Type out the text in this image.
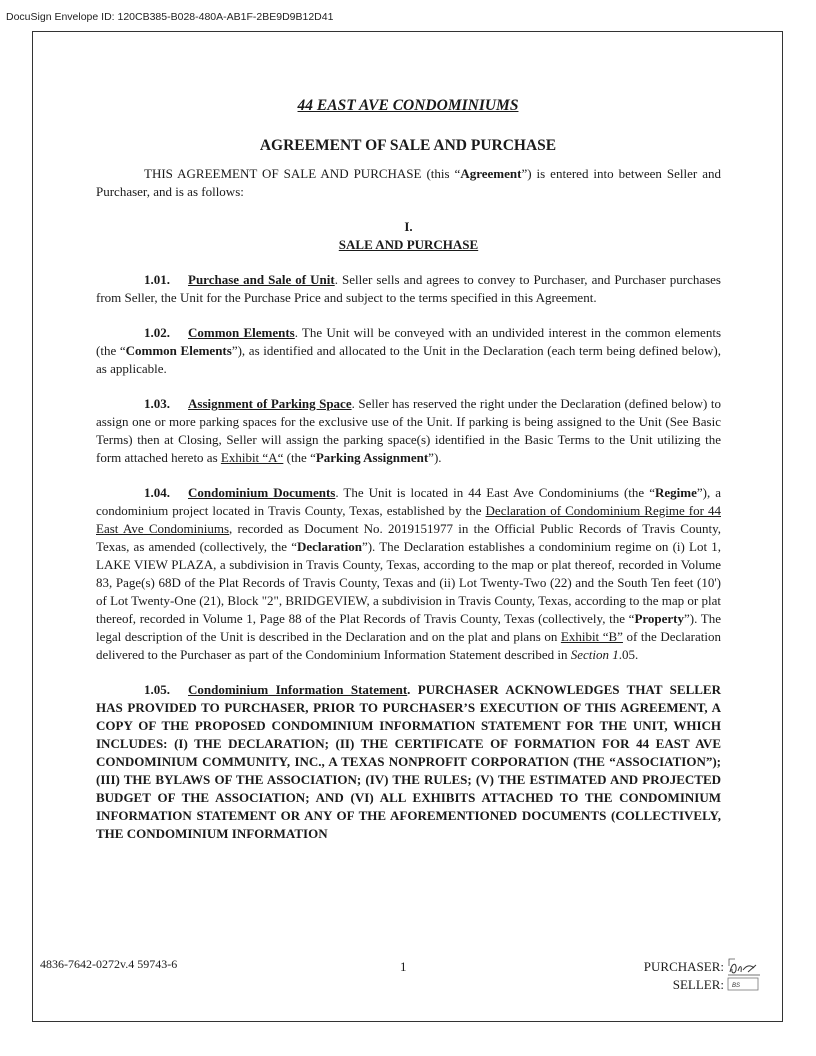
DocuSign Envelope ID: 120CB385-B028-480A-AB1F-2BE9D9B12D41
44 EAST AVE CONDOMINIUMS
AGREEMENT OF SALE AND PURCHASE

THIS AGREEMENT OF SALE AND PURCHASE (this “Agreement”) is entered into between Seller and Purchaser, and is as follows:

I.

SALE AND PURCHASE

1.01. Purchase and Sale of Unit. Seller sells and agrees to convey to Purchaser, and Purchaser purchases from Seller, the Unit for the Purchase Price and subject to the terms specified in this Agreement.

1.02. Common Elements. The Unit will be conveyed with an undivided interest in the common elements (the “Common Elements”), as identified and allocated to the Unit in the Declaration (each term being defined below), as applicable.

1.03. Assignment of Parking Space. Seller has reserved the right under the Declaration (defined below) to assign one or more parking spaces for the exclusive use of the Unit. If parking is being assigned to the Unit (See Basic Terms) then at Closing, Seller will assign the parking space(s) identified in the Basic Terms to the Unit utilizing the form attached hereto as Exhibit “A“ (the “Parking Assignment”).

1.04. Condominium Documents. The Unit is located in 44 East Ave Condominiums (the “Regime”), a condominium project located in Travis County, Texas, established by the Declaration of Condominium Regime for 44 East Ave Condominiums, recorded as Document No. 2019151977 in the Official Public Records of Travis County, Texas, as amended (collectively, the “Declaration”). The Declaration establishes a condominium regime on (i) Lot 1, LAKE VIEW PLAZA, a subdivision in Travis County, Texas, according to the map or plat thereof, recorded in Volume 83, Page(s) 68D of the Plat Records of Travis County, Texas and (ii) Lot Twenty-Two (22) and the South Ten feet (10') of Lot Twenty-One (21), Block "2", BRIDGEVIEW, a subdivision in Travis County, Texas, according to the map or plat thereof, recorded in Volume 1, Page 88 of the Plat Records of Travis County, Texas (collectively, the “Property”). The legal description of the Unit is described in the Declaration and on the plat and plans on Exhibit “B” of the Declaration delivered to the Purchaser as part of the Condominium Information Statement described in Section 1.05.

1.05. Condominium Information Statement. PURCHASER ACKNOWLEDGES THAT SELLER HAS PROVIDED TO PURCHASER, PRIOR TO PURCHASER’S EXECUTION OF THIS AGREEMENT, A COPY OF THE PROPOSED CONDOMINIUM INFORMATION STATEMENT FOR THE UNIT, WHICH INCLUDES: (I) THE DECLARATION; (II) THE CERTIFICATE OF FORMATION FOR 44 EAST AVE CONDOMINIUM COMMUNITY, INC., A TEXAS NONPROFIT CORPORATION (THE “ASSOCIATION”); (III) THE BYLAWS OF THE ASSOCIATION; (IV) THE RULES; (V) THE ESTIMATED AND PROJECTED BUDGET OF THE ASSOCIATION; AND (VI) ALL EXHIBITS ATTACHED TO THE CONDOMINIUM INFORMATION STATEMENT OR ANY OF THE AFOREMENTIONED DOCUMENTS (COLLECTIVELY, THE CONDOMINIUM INFORMATION

4836-7642-0272v.4 59743-6	1	PURCHASER:
SELLER: BS
